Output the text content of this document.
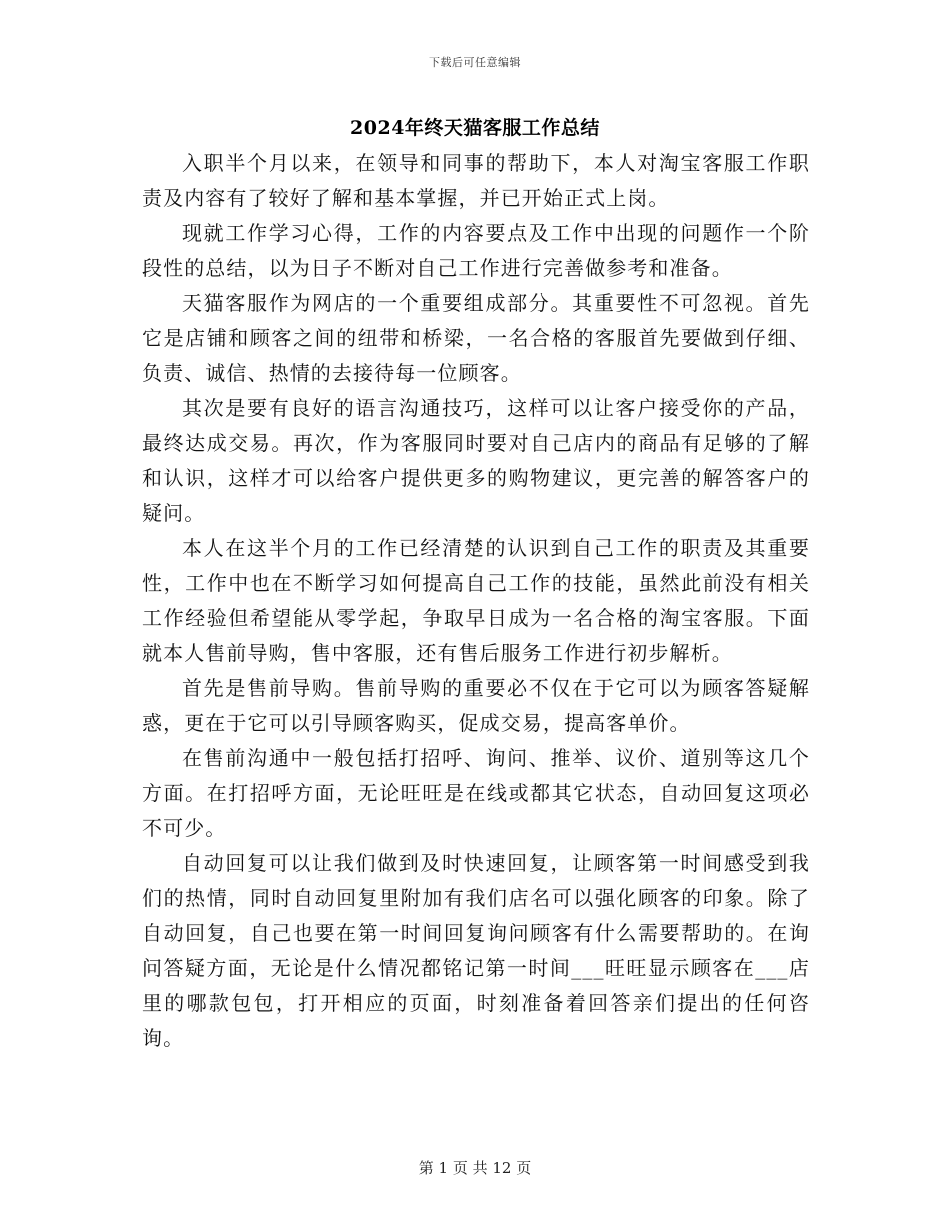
下载后可任意编辑
2024年终天猫客服工作总结

入职半个月以来，在领导和同事的帮助下，本人对淘宝客服工作职责及内容有了较好了解和基本掌握，并已开始正式上岗。

现就工作学习心得，工作的内容要点及工作中出现的问题作一个阶段性的总结，以为日子不断对自己工作进行完善做参考和准备。

天猫客服作为网店的一个重要组成部分。其重要性不可忽视。首先它是店铺和顾客之间的纽带和桥梁，一名合格的客服首先要做到仔细、负责、诚信、热情的去接待每一位顾客。

其次是要有良好的语言沟通技巧，这样可以让客户接受你的产品，最终达成交易。再次，作为客服同时要对自己店内的商品有足够的了解和认识，这样才可以给客户提供更多的购物建议，更完善的解答客户的疑问。

本人在这半个月的工作已经清楚的认识到自己工作的职责及其重要性，工作中也在不断学习如何提高自己工作的技能，虽然此前没有相关工作经验但希望能从零学起，争取早日成为一名合格的淘宝客服。下面就本人售前导购，售中客服，还有售后服务工作进行初步解析。

首先是售前导购。售前导购的重要必不仅在于它可以为顾客答疑解惑，更在于它可以引导顾客购买，促成交易，提高客单价。

在售前沟通中一般包括打招呼、询问、推举、议价、道别等这几个方面。在打招呼方面，无论旺旺是在线或都其它状态，自动回复这项必不可少。

自动回复可以让我们做到及时快速回复，让顾客第一时间感受到我们的热情，同时自动回复里附加有我们店名可以强化顾客的印象。除了自动回复，自己也要在第一时间回复询问顾客有什么需要帮助的。在询问答疑方面，无论是什么情况都铭记第一时间___旺旺显示顾客在___店里的哪款包包，打开相应的页面，时刻准备着回答亲们提出的任何咨询。

第 1 页 共 12 页
